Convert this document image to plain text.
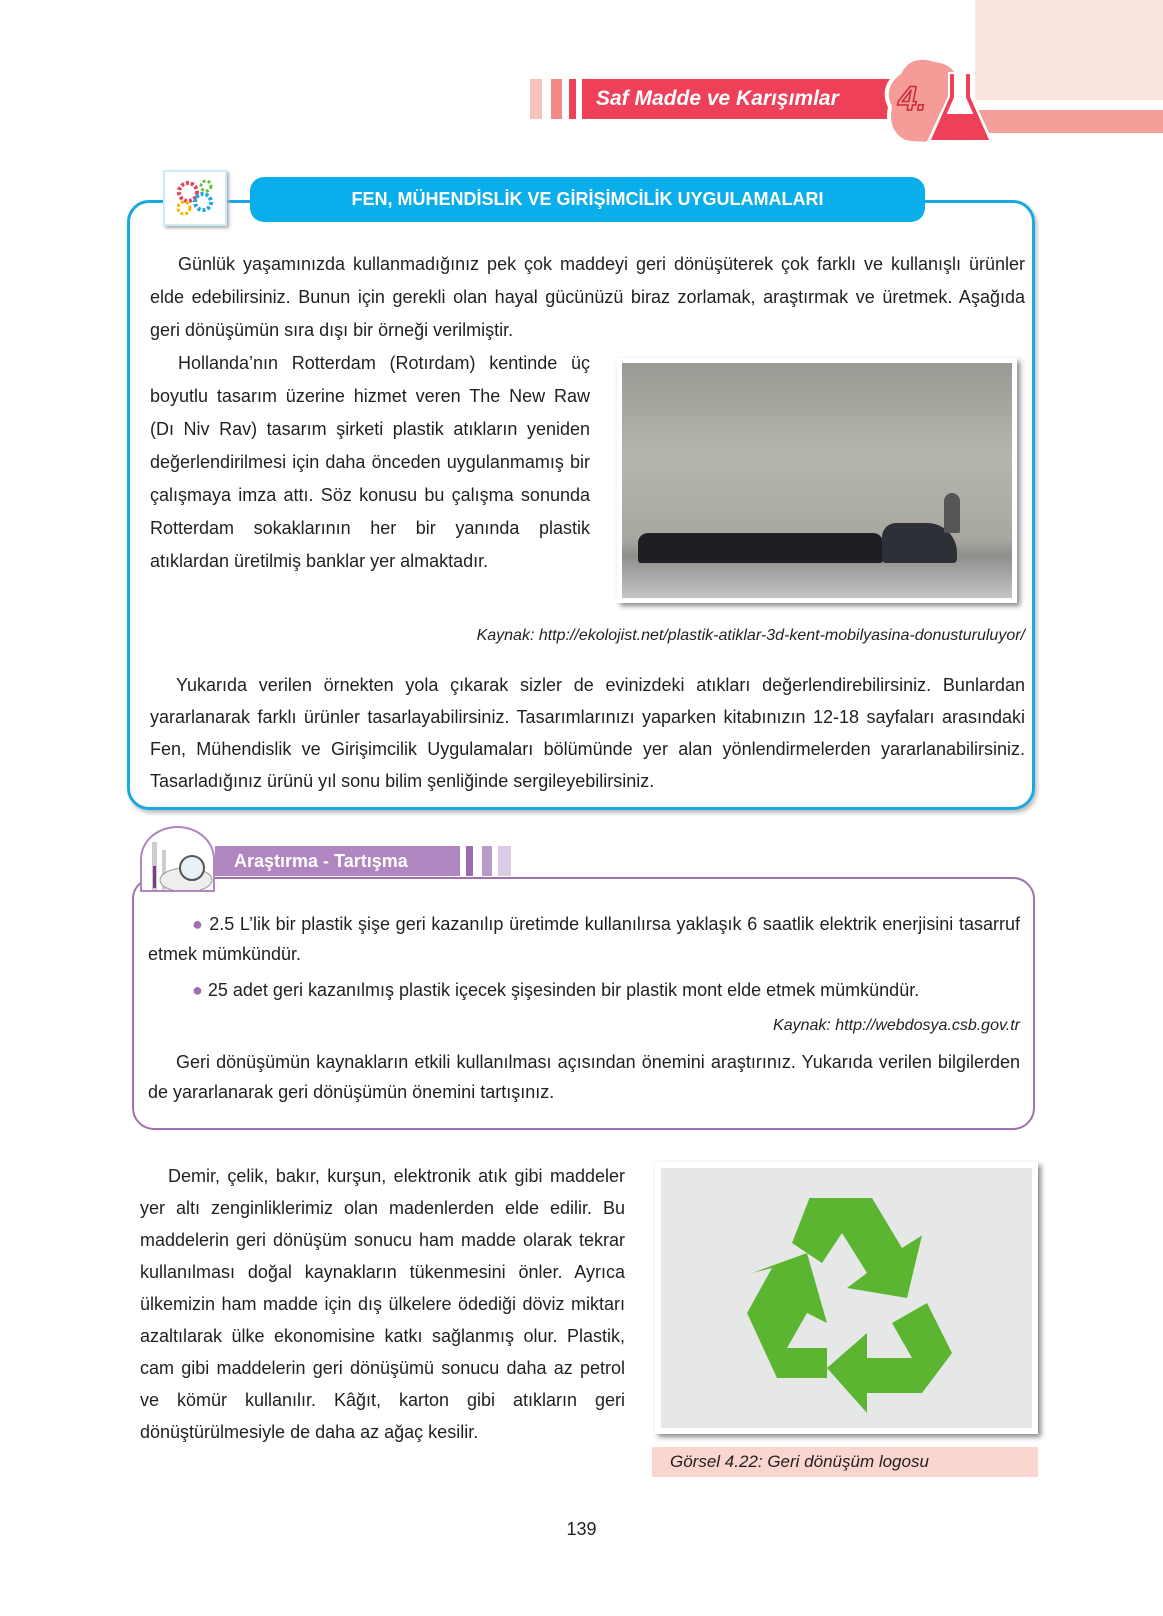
Saf Madde ve Karışımlar	4.
FEN, MÜHENDİSLİK VE GİRİŞİMCİLİK UYGULAMALARI

Günlük yaşamınızda kullanmadığınız pek çok maddeyi geri dönüşüterek çok farklı ve kullanışlı ürünler elde edebilirsiniz. Bunun için gerekli olan hayal gücünüzü biraz zorlamak, araştırmak ve üretmek. Aşağıda geri dönüşümün sıra dışı bir örneği verilmiştir.

Hollanda’nın Rotterdam (Rotırdam) kentinde üç boyutlu tasarım üzerine hizmet veren The New Raw (Dı Niv Rav) tasarım şirketi plastik atıkların yeniden değerlendirilmesi için daha önceden uygulanmamış bir çalışmaya imza attı. Söz konusu bu çalışma sonunda Rotterdam sokaklarının her bir yanında plastik atıklardan üretilmiş banklar yer almaktadır.

Kaynak: http://ekolojist.net/plastik-atiklar-3d-kent-mobilyasina-donusturuluyor/

Yukarıda verilen örnekten yola çıkarak sizler de evinizdeki atıkları değerlendirebilirsiniz. Bunlardan yararlanarak farklı ürünler tasarlayabilirsiniz. Tasarımlarınızı yaparken kitabınızın 12-18 sayfaları arasındaki Fen, Mühendislik ve Girişimcilik Uygulamaları bölümünde yer alan yönlendirmelerden yararlanabilirsiniz. Tasarladığınız ürünü yıl sonu bilim şenliğinde sergileyebilirsiniz.

Araştırma - Tartışma

● 2.5 L’lik bir plastik şişe geri kazanılıp üretimde kullanılırsa yaklaşık 6 saatlik elektrik enerjisini tasarruf etmek mümkündür.

● 25 adet geri kazanılmış plastik içecek şişesinden bir plastik mont elde etmek mümkündür.

Kaynak: http://webdosya.csb.gov.tr

Geri dönüşümün kaynakların etkili kullanılması açısından önemini araştırınız. Yukarıda verilen bilgilerden de yararlanarak geri dönüşümün önemini tartışınız.

Demir, çelik, bakır, kurşun, elektronik atık gibi maddeler yer altı zenginliklerimiz olan madenlerden elde edilir. Bu maddelerin geri dönüşüm sonucu ham madde olarak tekrar kullanılması doğal kaynakların tükenmesini önler. Ayrıca ülkemizin ham madde için dış ülkelere ödediği döviz miktarı azaltılarak ülke ekonomisine katkı sağlanmış olur. Plastik, cam gibi maddelerin geri dönüşümü sonucu daha az petrol ve kömür kullanılır. Kâğıt, karton gibi atıkların geri dönüştürülmesiyle de daha az ağaç kesilir.

Görsel 4.22: Geri dönüşüm logosu
139
